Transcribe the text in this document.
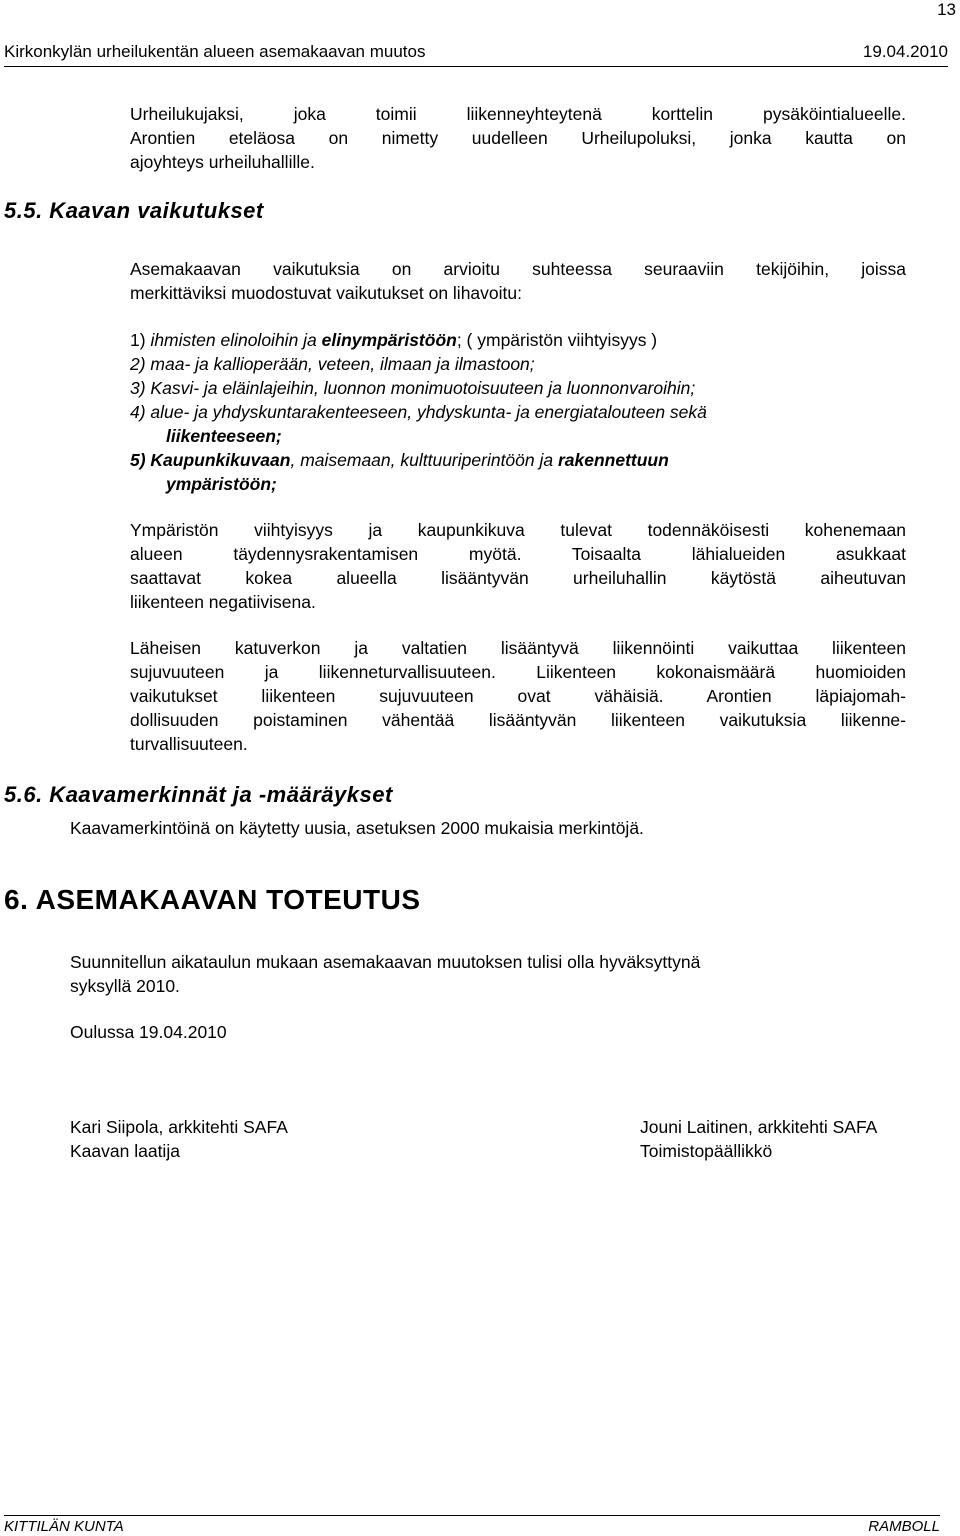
13
Kirkonkylän urheilukentän alueen asemakaavan muutos	19.04.2010
Urheilukujaksi, joka toimii liikenneyhteytenä korttelin pysäköintialueelle.
Arontien eteläosa on nimetty uudelleen Urheilupoluksi, jonka kautta on
ajoyhteys urheiluhallille.
5.5. Kaavan vaikutukset
Asemakaavan vaikutuksia on arvioitu suhteessa seuraaviin tekijöihin, joissa
merkittäviksi muodostuvat vaikutukset on lihavoitu:
1) ihmisten elinoloihin ja elinympäristöön; ( ympäristön viihtyisyys )
2) maa- ja kallioperään, veteen, ilmaan ja ilmastoon;
3) Kasvi- ja eläinlajeihin, luonnon monimuotoisuuteen ja luonnonvaroihin;
4) alue- ja yhdyskuntarakenteeseen, yhdyskunta- ja energiatalouteen sekä
liikenteeseen;
5) Kaupunkikuvaan, maisemaan, kulttuuriperintöön ja rakennettuun
ympäristöön;
Ympäristön viihtyisyys ja kaupunkikuva tulevat todennäköisesti kohenemaan
alueen täydennysrakentamisen myötä. Toisaalta lähialueiden asukkaat
saattavat kokea alueella lisääntyvän urheiluhallin käytöstä aiheutuvan
liikenteen negatiivisena.
Läheisen katuverkon ja valtatien lisääntyvä liikennöinti vaikuttaa liikenteen
sujuvuuteen ja liikenneturvallisuuteen. Liikenteen kokonaismäärä huomioiden
vaikutukset liikenteen sujuvuuteen ovat vähäisiä. Arontien läpiajomah-
dollisuuden poistaminen vähentää lisääntyvän liikenteen vaikutuksia liikenne-
turvallisuuteen.
5.6. Kaavamerkinnät ja -määräykset
Kaavamerkintöinä on käytetty uusia, asetuksen 2000 mukaisia merkintöjä.
6. ASEMAKAAVAN TOTEUTUS
Suunnitellun aikataulun mukaan asemakaavan muutoksen tulisi olla hyväksyttynä
syksyllä 2010.
Oulussa 19.04.2010
Kari Siipola, arkkitehti SAFA
Kaavan laatija
Jouni Laitinen, arkkitehti SAFA
Toimistopäällikkö
KITTILÄN KUNTA	RAMBOLL
